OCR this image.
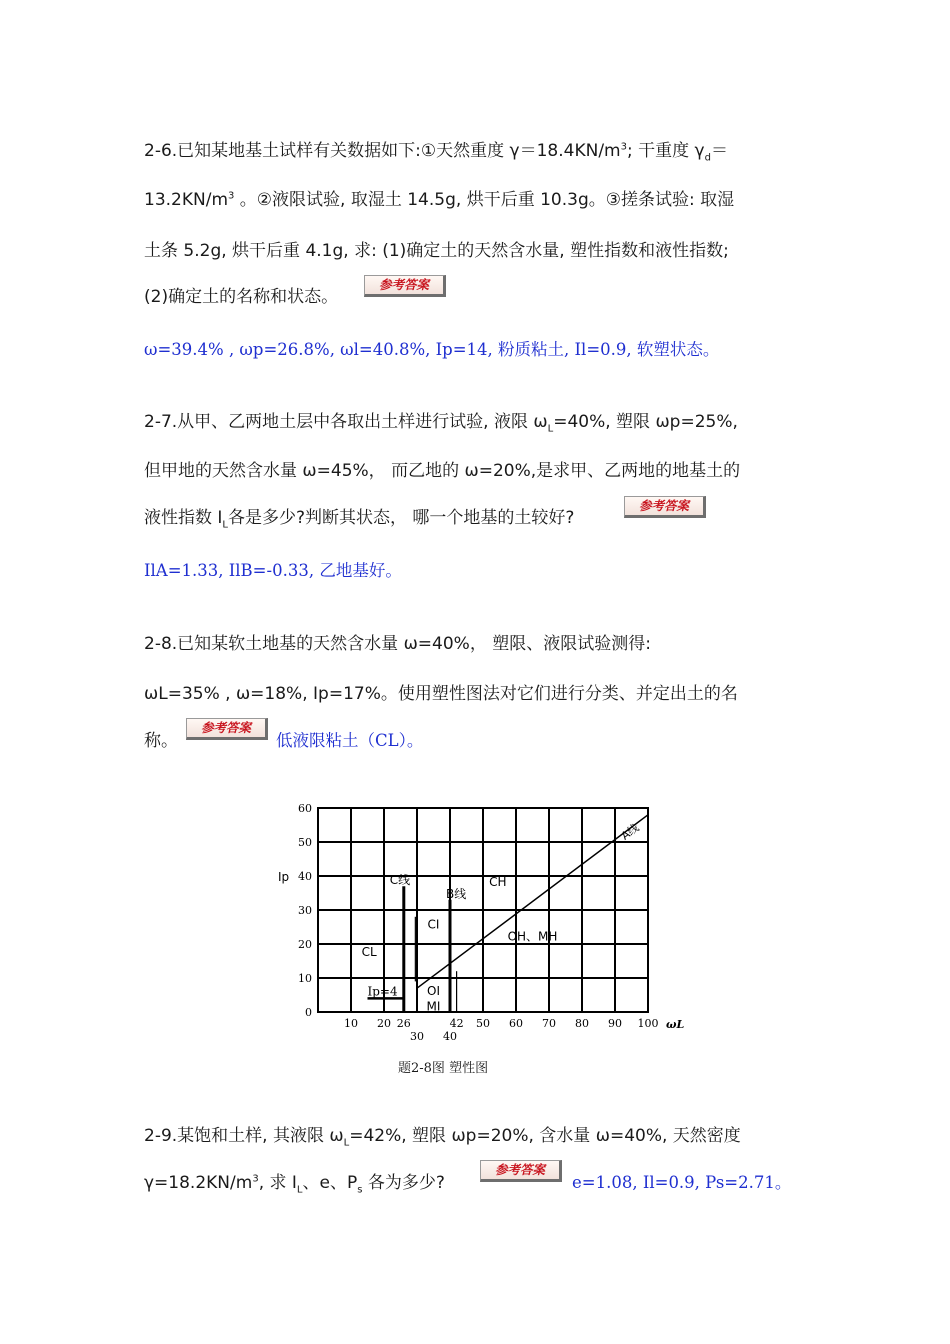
2-6.已知某地基土试样有关数据如下:①天然重度 $\gamma=18.4KN/m^3$; 干重度 $\gamma_d=$
$13.2KN/m^3$ 。②液限试验, 取湿土 14.5g, 烘干后重 10.3g。③搓条试验: 取湿
土条 5.2g, 烘干后重 4.1g, 求: (1)确定土的天然含水量, 塑性指数和液性指数;
(2)确定土的名称和状态。
参考答案
ω=39.4% , ωp=26.8%, ωl=40.8%, Ip=14, 粉质粘土, Il=0.9, 软塑状态。
2-7.从甲、乙两地土层中各取出土样进行试验, 液限 $\omega_L=40\%$, 塑限 ωp=25%,
但甲地的天然含水量 ω=45%， 而乙地的 ω=20%,是求甲、乙两地的地基土的
液性指数 $I_L$各是多少?判断其状态， 哪一个地基的土较好?
参考答案
IlA=1.33, IlB=-0.33, 乙地基好。
2-8.已知某软土地基的天然含水量 ω=40%， 塑限、液限试验测得:
ωL=35% , ω=18%, Ip=17%。使用塑性图法对它们进行分类、并定出土的名
称。
参考答案
低液限粘土（CL）。
10 20 26
30 40
42 50 60 70 80 90 100
0
10
20
30
40
50
60
A线
C线
B线
Ip=4
CL
CI
CH
OH、MH
OI
MI
Ip
ωL
题2-8图 塑性图
2-9.某饱和土样, 其液限 $\omega_L=42\%$, 塑限 ωp=20%, 含水量 ω=40%, 天然密度
$\gamma=18.2KN/m^3$, 求 $I_L$、e、$P_s$ 各为多少?
参考答案
e=1.08, Il=0.9, Ps=2.71。
